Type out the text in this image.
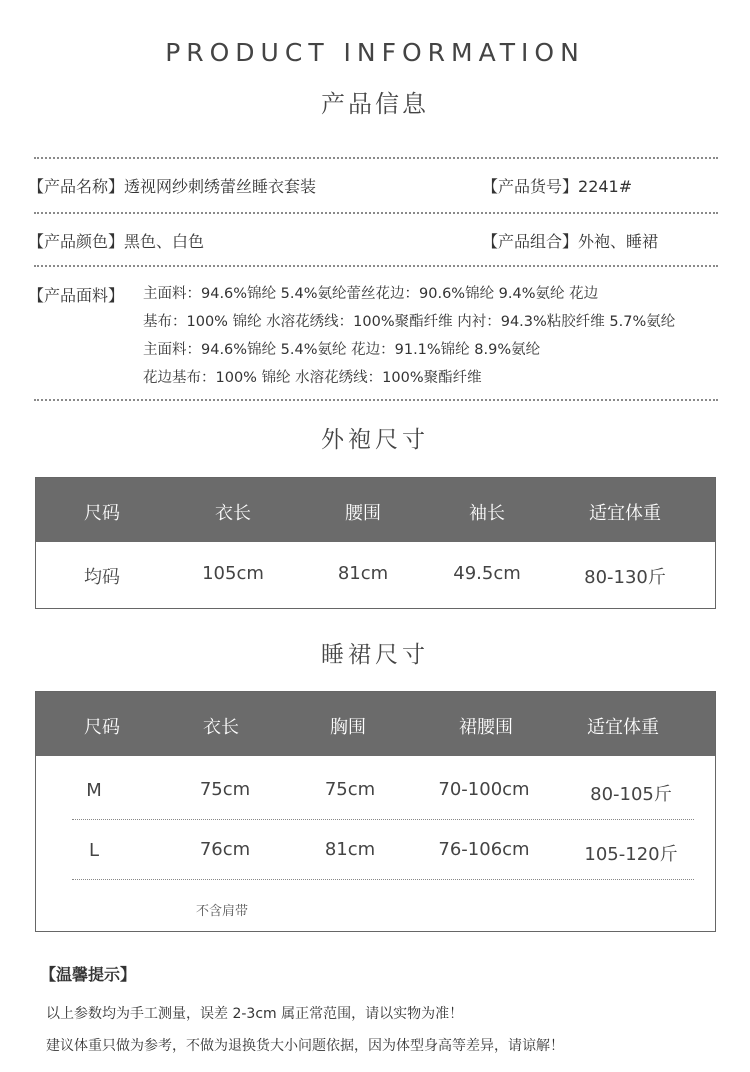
PRODUCT INFORMATION
产品信息
【产品名称】透视网纱刺绣蕾丝睡衣套装	【产品货号】2241#
【产品颜色】黑色、白色	【产品组合】外袍、睡裙
【产品面料】 主面料：94.6%锦纶 5.4%氨纶蕾丝花边：90.6%锦纶 9.4%氨纶 花边
基布：100% 锦纶 水溶花绣线：100%聚酯纤维 内衬：94.3%粘胶纤维 5.7%氨纶
主面料：94.6%锦纶 5.4%氨纶 花边：91.1%锦纶 8.9%氨纶
花边基布：100% 锦纶 水溶花绣线：100%聚酯纤维
外袍尺寸
尺码	衣长	腰围	袖长	适宜体重
均码	105cm	81cm	49.5cm	80-130斤
睡裙尺寸
尺码	衣长	胸围	裙腰围	适宜体重
M	75cm	75cm	70-100cm	80-105斤
L	76cm	81cm	76-106cm	105-120斤
不含肩带
【温馨提示】
以上参数均为手工测量，误差 2-3cm 属正常范围，请以实物为准！
建议体重只做为参考，不做为退换货大小问题依据，因为体型身高等差异，请谅解！
